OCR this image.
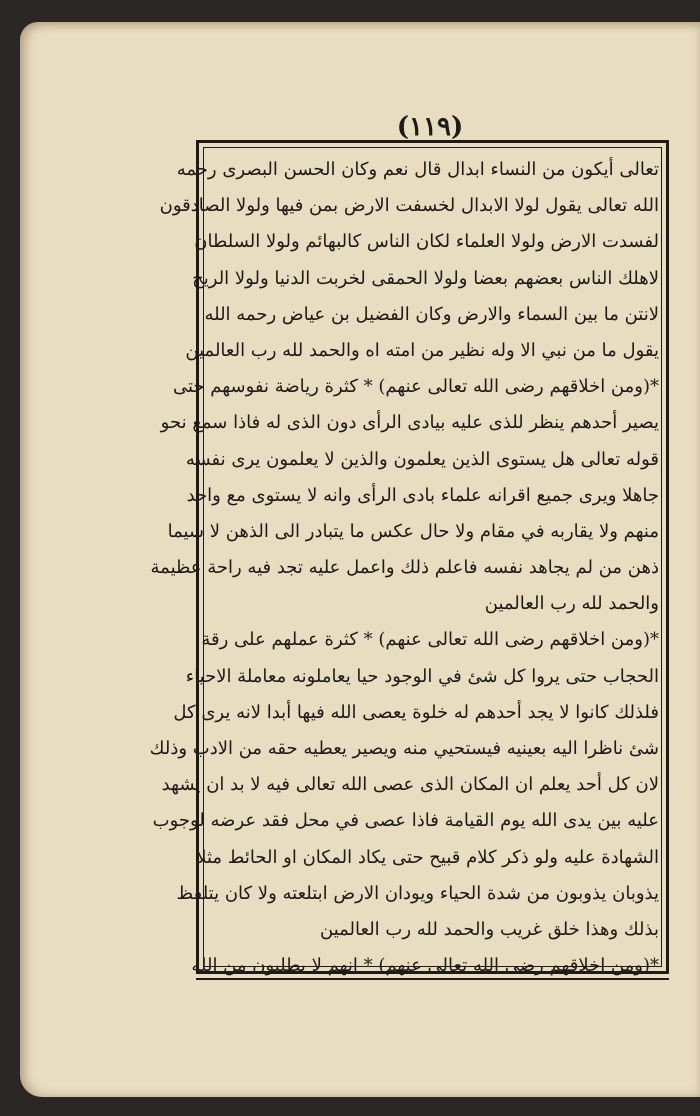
(١١٩)
تعالى أيكون من النساء ابدال قال نعم وكان الحسن البصرى رحمه
الله تعالى يقول لولا الابدال لخسفت الارض بمن فيها ولولا الصادقون
لفسدت الارض ولولا العلماء لكان الناس كالبهائم ولولا السلطان
لاهلك الناس بعضهم بعضا ولولا الحمقى لخربت الدنيا ولولا الريح
لانتن ما بين السماء والارض وكان الفضيل بن عياض رحمه الله
يقول ما من نبي الا وله نظير من امته اه والحمد لله رب العالمين
*(ومن اخلاقهم رضى الله تعالى عنهم) * كثرة رياضة نفوسهم حتى
يصير أحدهم ينظر للذى عليه بيادى الرأى دون الذى له فاذا سمع نحو
قوله تعالى هل يستوى الذين يعلمون والذين لا يعلمون يرى نفسه
جاهلا ويرى جميع اقرانه علماء بادى الرأى وانه لا يستوى مع واحد
منهم ولا يقاربه في مقام ولا حال عكس ما يتبادر الى الذهن لا سيما
ذهن من لم يجاهد نفسه فاعلم ذلك واعمل عليه تجد فيه راحة عظيمة
والحمد لله رب العالمين
*(ومن اخلاقهم رضى الله تعالى عنهم) * كثرة عملهم على رقة
الحجاب حتى يروا كل شئ في الوجود حيا يعاملونه معاملة الاحياء
فلذلك كانوا لا يجد أحدهم له خلوة يعصى الله فيها أبدا لانه يرى كل
شئ ناظرا اليه بعينيه فيستحيي منه ويصير يعطيه حقه من الادب وذلك
لان كل أحد يعلم ان المكان الذى عصى الله تعالى فيه لا بد ان يشهد
عليه بين يدى الله يوم القيامة فاذا عصى في محل فقد عرضه لوجوب
الشهادة عليه ولو ذكر كلام قبيح حتى يكاد المكان او الحائط مثلا
يذوبان يذوبون من شدة الحياء ويودان الارض ابتلعته ولا كان يتلفظ
بذلك وهذا خلق غريب والحمد لله رب العالمين
*(ومن اخلاقهم رضى الله تعالى عنهم) * انهم لا يطلبون من الله
